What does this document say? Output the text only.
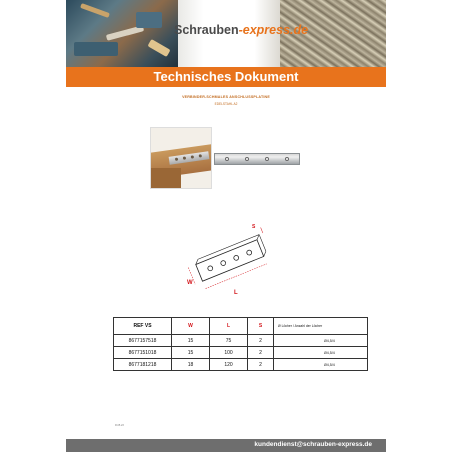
Schrauben-express.de
Technisches Dokument
VERBINDER-SCHMALES ANSCHLUSSPLATINE
EDELSTAHL A2
L
W
S
REF VS	W	L	S	Ø Löcher / Anzahl der Löcher
8677157518	15	75	2	Ø4,5/4
8677151018	15	100	2	Ø4,5/4
8677181218	18	120	2	Ø4,5/4
R.05.23
kundendienst@schrauben-express.de
